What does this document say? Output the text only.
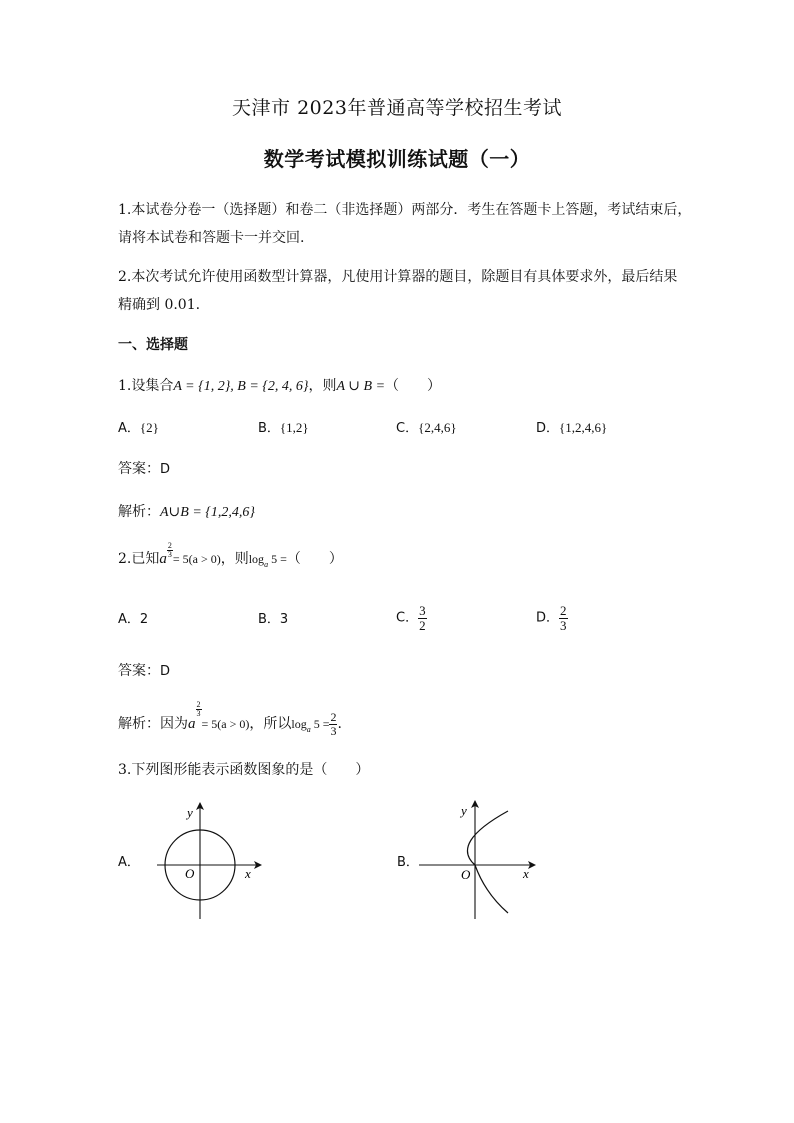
天津市 2023年普通高等学校招生考试
数学考试模拟训练试题（一）
1.本试卷分卷一（选择题）和卷二（非选择题）两部分．考生在答题卡上答题，考试结束后，
请将本试卷和答题卡一并交回.
2.本次考试允许使用函数型计算器，凡使用计算器的题目，除题目有具体要求外，最后结果
精确到 0.01.
一、选择题
1.设集合A = {1, 2}, B = {2, 4, 6}，则A ∪ B =（　　）
A．{2}	B．{1,2}	C．{2,4,6}	D．{1,2,4,6}
答案：D
解析：A∪B = {1,2,4,6}
2.已知a $\frac{2}{3} = 5(a > 0)$，则$\log_a 5$ =（　　）
A．2	B．3	C． $\frac{3}{2}$	D． $\frac{2}{3}$
答案：D
解析：因为a
$\frac{2}{3}$
= 5(a > 0)，所以$\log_a 5 = \frac{2}{3}$ .
3.下列图形能表示函数图象的是（　　）
A．
O	x
y
B．
O	x
y
